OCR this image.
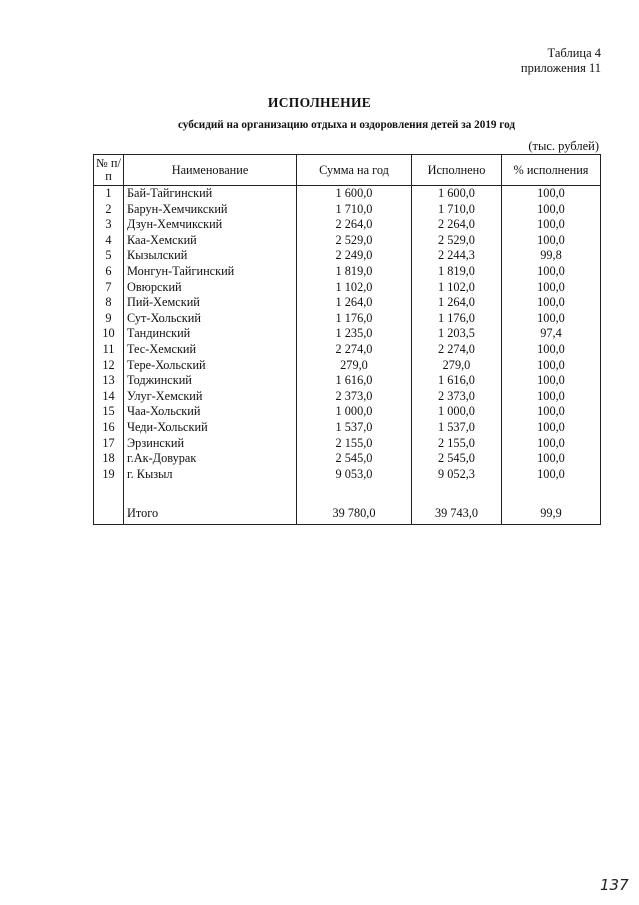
Таблица 4
приложения 11
ИСПОЛНЕНИЕ
субсидий на организацию отдыха и оздоровления детей за 2019 год
(тыс. рублей)
№ п/п	Наименование	Сумма на год	Исполнено	% исполнения
1	Бай-Тайгинский	1 600,0	1 600,0	100,0
2	Барун-Хемчикский	1 710,0	1 710,0	100,0
3	Дзун-Хемчикский	2 264,0	2 264,0	100,0
4	Каа-Хемский	2 529,0	2 529,0	100,0
5	Кызылский	2 249,0	2 244,3	99,8
6	Монгун-Тайгинский	1 819,0	1 819,0	100,0
7	Овюрский	1 102,0	1 102,0	100,0
8	Пий-Хемский	1 264,0	1 264,0	100,0
9	Сут-Хольский	1 176,0	1 176,0	100,0
10	Тандинский	1 235,0	1 203,5	97,4
11	Тес-Хемский	2 274,0	2 274,0	100,0
12	Тере-Хольский	279,0	279,0	100,0
13	Тоджинский	1 616,0	1 616,0	100,0
14	Улуг-Хемский	2 373,0	2 373,0	100,0
15	Чаа-Хольский	1 000,0	1 000,0	100,0
16	Чеди-Хольский	1 537,0	1 537,0	100,0
17	Эрзинский	2 155,0	2 155,0	100,0
18	г.Ак-Довурак	2 545,0	2 545,0	100,0
19	г. Кызыл	9 053,0	9 052,3	100,0

	Итого	39 780,0	39 743,0	99,9
137
